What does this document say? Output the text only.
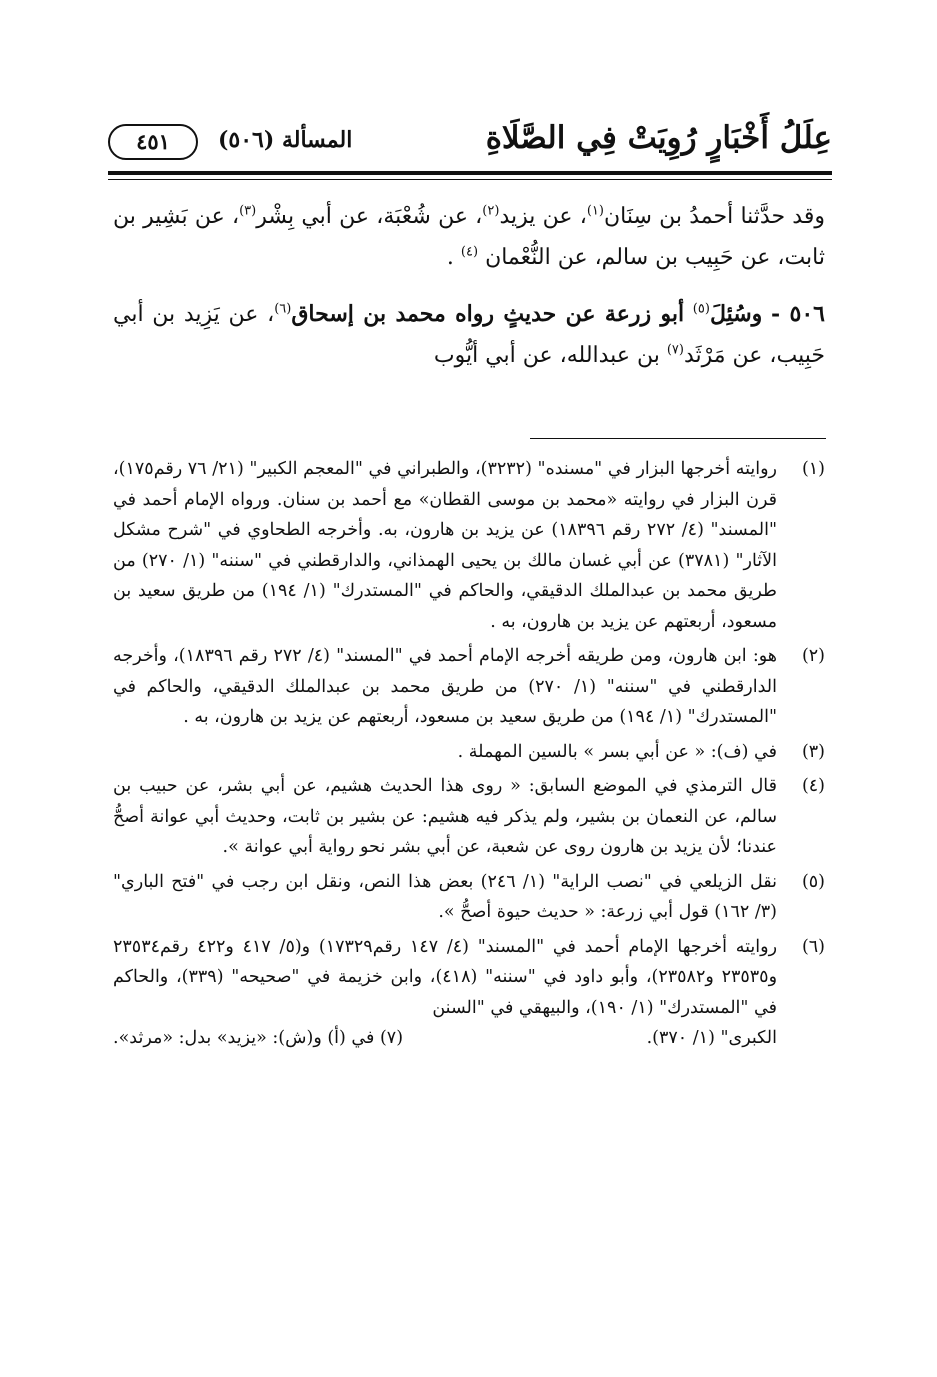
عِلَلُ أَخْبَارٍ رُوِيَتْ فِي الصَّلَاةِ
المسألة (٥٠٦)
٤٥١

وقد حدَّثنا أحمدُ بن سِنَان$^{(١)}$، عن يزيد$^{(٢)}$، عن شُعْبَة، عن أبي بِشْر$^{(٣)}$، عن بَشِير بن ثابت، عن حَبِيب بن سالم، عن النُّعْمان $^{(٤)}$ .

٥٠٦ - وسُئِلَ$^{(٥)}$ أبو زرعة عن حديثٍ رواه محمد بن إسحاق$^{(٦)}$، عن يَزِيد بن أبي حَبِيب، عن مَرْثَد$^{(٧)}$ بن عبدالله، عن أبي أيُّوب

(١)
روايته أخرجها البزار في "مسنده" (٣٢٣٢)، والطبراني في "المعجم الكبير" (٢١/ ٧٦ رقم١٧٥)، قرن البزار في روايته «محمد بن موسى القطان» مع أحمد بن سنان. ورواه الإمام أحمد في "المسند" (٤/ ٢٧٢ رقم ١٨٣٩٦) عن يزيد بن هارون، به. وأخرجه الطحاوي في "شرح مشكل الآثار" (٣٧٨١) عن أبي غسان مالك بن يحيى الهمذاني، والدارقطني في "سننه" (١/ ٢٧٠) من طريق محمد بن عبدالملك الدقيقي، والحاكم في "المستدرك" (١/ ١٩٤) من طريق سعيد بن مسعود، أربعتهم عن يزيد بن هارون، به .
(٢)
هو: ابن هارون، ومن طريقه أخرجه الإمام أحمد في "المسند" (٤/ ٢٧٢ رقم ١٨٣٩٦)، وأخرجه الدارقطني في "سننه" (١/ ٢٧٠) من طريق محمد بن عبدالملك الدقيقي، والحاكم في "المستدرك" (١/ ١٩٤) من طريق سعيد بن مسعود، أربعتهم عن يزيد بن هارون، به .
(٣)
في (ف): « عن أبي بسر » بالسين المهملة .
(٤)
قال الترمذي في الموضع السابق: « روى هذا الحديث هشيم، عن أبي بشر، عن حبيب بن سالم، عن النعمان بن بشير، ولم يذكر فيه هشيم: عن بشير بن ثابت، وحديث أبي عوانة أصحُّ عندنا؛ لأن يزيد بن هارون روى عن شعبة، عن أبي بشر نحو رواية أبي عوانة ».
(٥)
نقل الزيلعي في "نصب الراية" (١/ ٢٤٦) بعض هذا النص، ونقل ابن رجب في "فتح الباري" (٣/ ١٦٢) قول أبي زرعة: « حديث حيوة أصحُّ ».
(٦)
روايته أخرجها الإمام أحمد في "المسند" (٤/ ١٤٧ رقم١٧٣٢٩) و(٥/ ٤١٧ و٤٢٢ رقم٢٣٥٣٤ و٢٣٥٣٥ و٢٣٥٨٢)، وأبو داود في "سننه" (٤١٨)، وابن خزيمة في "صحيحه" (٣٣٩)، والحاكم في "المستدرك" (١/ ١٩٠)، والبيهقي في "السنن
الكبرى" (١/ ٣٧٠).
(٧) في (أ) و(ش): «يزيد» بدل: «مرثد».
